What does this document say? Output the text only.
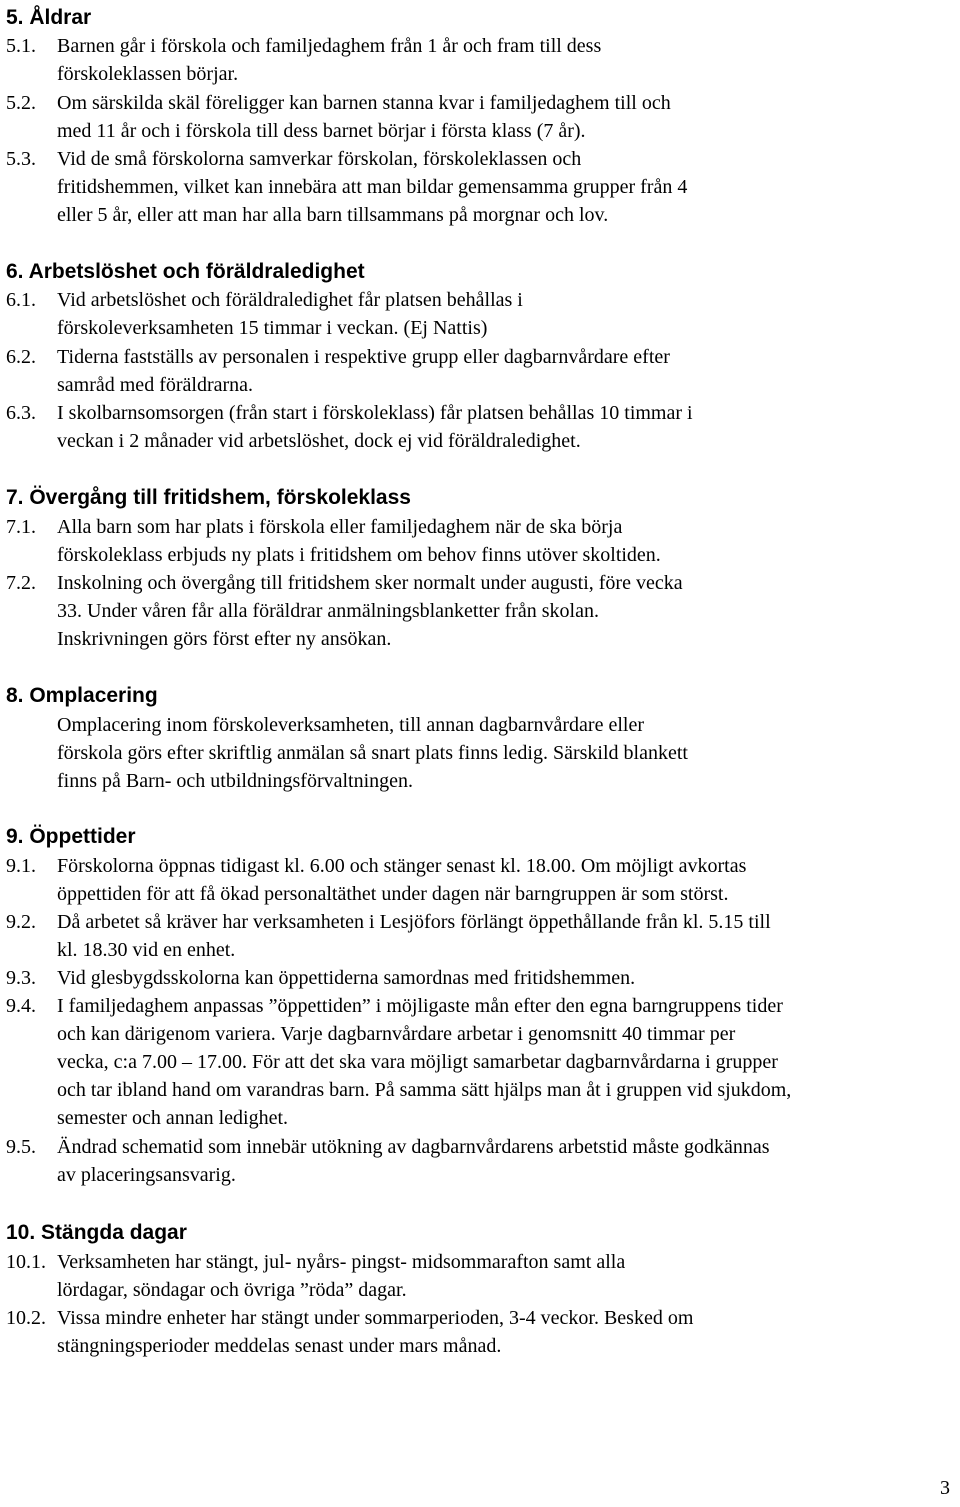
5. Åldrar
5.1. Barnen går i förskola och familjedaghem från 1 år och fram till dess
förskoleklassen börjar.
5.2. Om särskilda skäl föreligger kan barnen stanna kvar i familjedaghem till och
med 11 år och i förskola till dess barnet börjar i första klass (7 år).
5.3. Vid de små förskolorna samverkar förskolan, förskoleklassen och
fritidshemmen, vilket kan innebära att man bildar gemensamma grupper från 4
eller 5 år, eller att man har alla barn tillsammans på morgnar och lov.
6. Arbetslöshet och föräldraledighet
6.1. Vid arbetslöshet och föräldraledighet får platsen behållas i
förskoleverksamheten 15 timmar i veckan. (Ej Nattis)
6.2. Tiderna fastställs av personalen i respektive grupp eller dagbarnvårdare efter
samråd med föräldrarna.
6.3. I skolbarnsomsorgen (från start i förskoleklass) får platsen behållas 10 timmar i
veckan i 2 månader vid arbetslöshet, dock ej vid föräldraledighet.
7. Övergång till fritidshem, förskoleklass
7.1. Alla barn som har plats i förskola eller familjedaghem när de ska börja
förskoleklass erbjuds ny plats i fritidshem om behov finns utöver skoltiden.
7.2. Inskolning och övergång till fritidshem sker normalt under augusti, före vecka
33. Under våren får alla föräldrar anmälningsblanketter från skolan.
Inskrivningen görs först efter ny ansökan.
8. Omplacering
Omplacering inom förskoleverksamheten, till annan dagbarnvårdare eller
förskola görs efter skriftlig anmälan så snart plats finns ledig. Särskild blankett
finns på Barn- och utbildningsförvaltningen.
9. Öppettider
9.1. Förskolorna öppnas tidigast kl. 6.00 och stänger senast kl. 18.00. Om möjligt avkortas
öppettiden för att få ökad personaltäthet under dagen när barngruppen är som störst.
9.2. Då arbetet så kräver har verksamheten i Lesjöfors förlängt öppethållande från kl. 5.15 till
kl. 18.30 vid en enhet.
9.3. Vid glesbygdsskolorna kan öppettiderna samordnas med fritidshemmen.
9.4. I familjedaghem anpassas ”öppettiden” i möjligaste mån efter den egna barngruppens tider
och kan därigenom variera. Varje dagbarnvårdare arbetar i genomsnitt 40 timmar per
vecka, c:a 7.00 – 17.00. För att det ska vara möjligt samarbetar dagbarnvårdarna i grupper
och tar ibland hand om varandras barn. På samma sätt hjälps man åt i gruppen vid sjukdom,
semester och annan ledighet.
9.5. Ändrad schematid som innebär utökning av dagbarnvårdarens arbetstid måste godkännas
av placeringsansvarig.
10. Stängda dagar
10.1. Verksamheten har stängt, jul- nyårs- pingst- midsommarafton samt alla
lördagar, söndagar och övriga ”röda” dagar.
10.2. Vissa mindre enheter har stängt under sommarperioden, 3-4 veckor. Besked om
stängningsperioder meddelas senast under mars månad.
3
